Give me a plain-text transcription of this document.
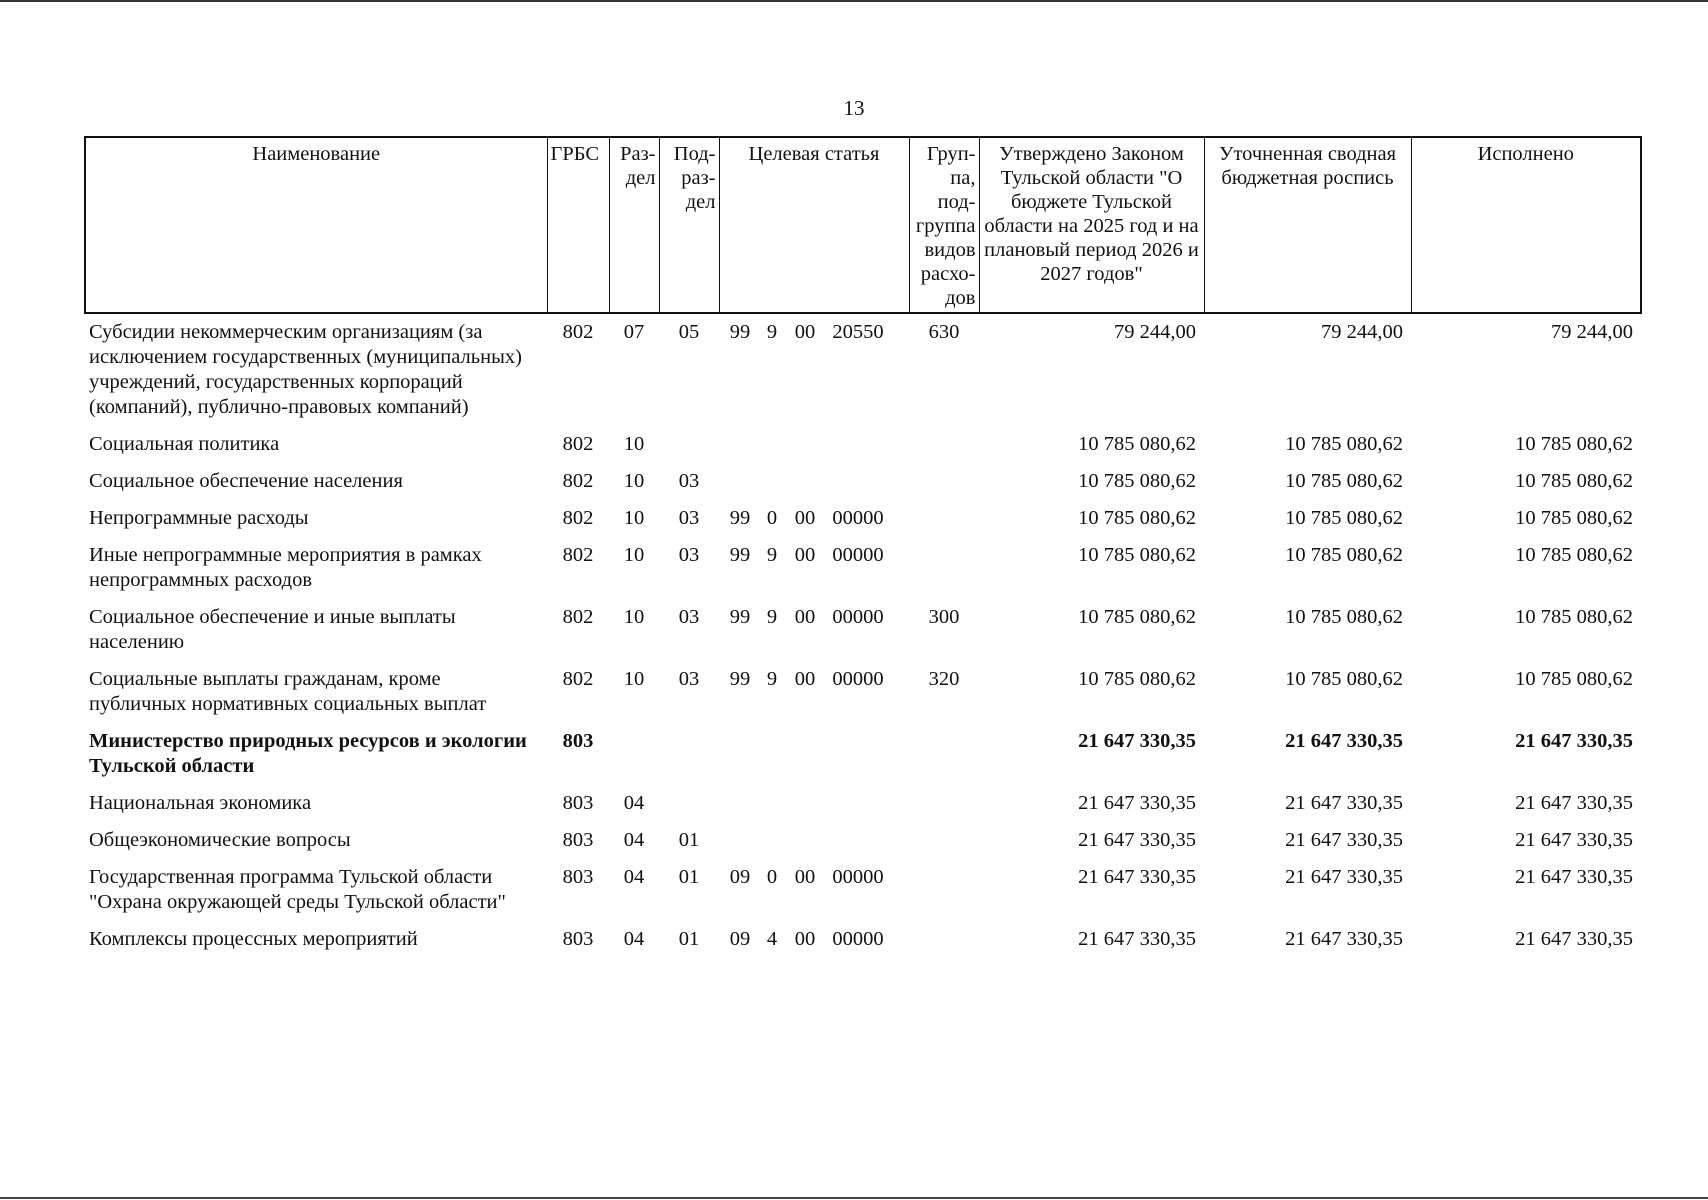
13
Наименование	ГРБС	Раз-дел	Под-раз-дел	Целевая статья	Груп-па, под-группа видов расхо-дов	Утверждено Законом Тульской области "О бюджете Тульской области на 2025 год и на плановый период 2026 и 2027 годов"	Уточненная сводная бюджетная роспись	Исполнено
Субсидии некоммерческим организациям (за исключением государственных (муниципальных) учреждений, государственных корпораций (компаний), публично-правовых компаний)	802	07	05	99 9 00 20550	630	79 244,00	79 244,00	79 244,00
Социальная политика	802	10				10 785 080,62	10 785 080,62	10 785 080,62
Социальное обеспечение населения	802	10	03			10 785 080,62	10 785 080,62	10 785 080,62
Непрограммные расходы	802	10	03	99 0 00 00000		10 785 080,62	10 785 080,62	10 785 080,62
Иные непрограммные мероприятия в рамках непрограммных расходов	802	10	03	99 9 00 00000		10 785 080,62	10 785 080,62	10 785 080,62
Социальное обеспечение и иные выплаты населению	802	10	03	99 9 00 00000	300	10 785 080,62	10 785 080,62	10 785 080,62
Социальные выплаты гражданам, кроме публичных нормативных социальных выплат	802	10	03	99 9 00 00000	320	10 785 080,62	10 785 080,62	10 785 080,62
Министерство природных ресурсов и экологии Тульской области	803					21 647 330,35	21 647 330,35	21 647 330,35
Национальная экономика	803	04				21 647 330,35	21 647 330,35	21 647 330,35
Общеэкономические вопросы	803	04	01			21 647 330,35	21 647 330,35	21 647 330,35
Государственная программа Тульской области "Охрана окружающей среды Тульской области"	803	04	01	09 0 00 00000		21 647 330,35	21 647 330,35	21 647 330,35
Комплексы процессных мероприятий	803	04	01	09 4 00 00000		21 647 330,35	21 647 330,35	21 647 330,35
